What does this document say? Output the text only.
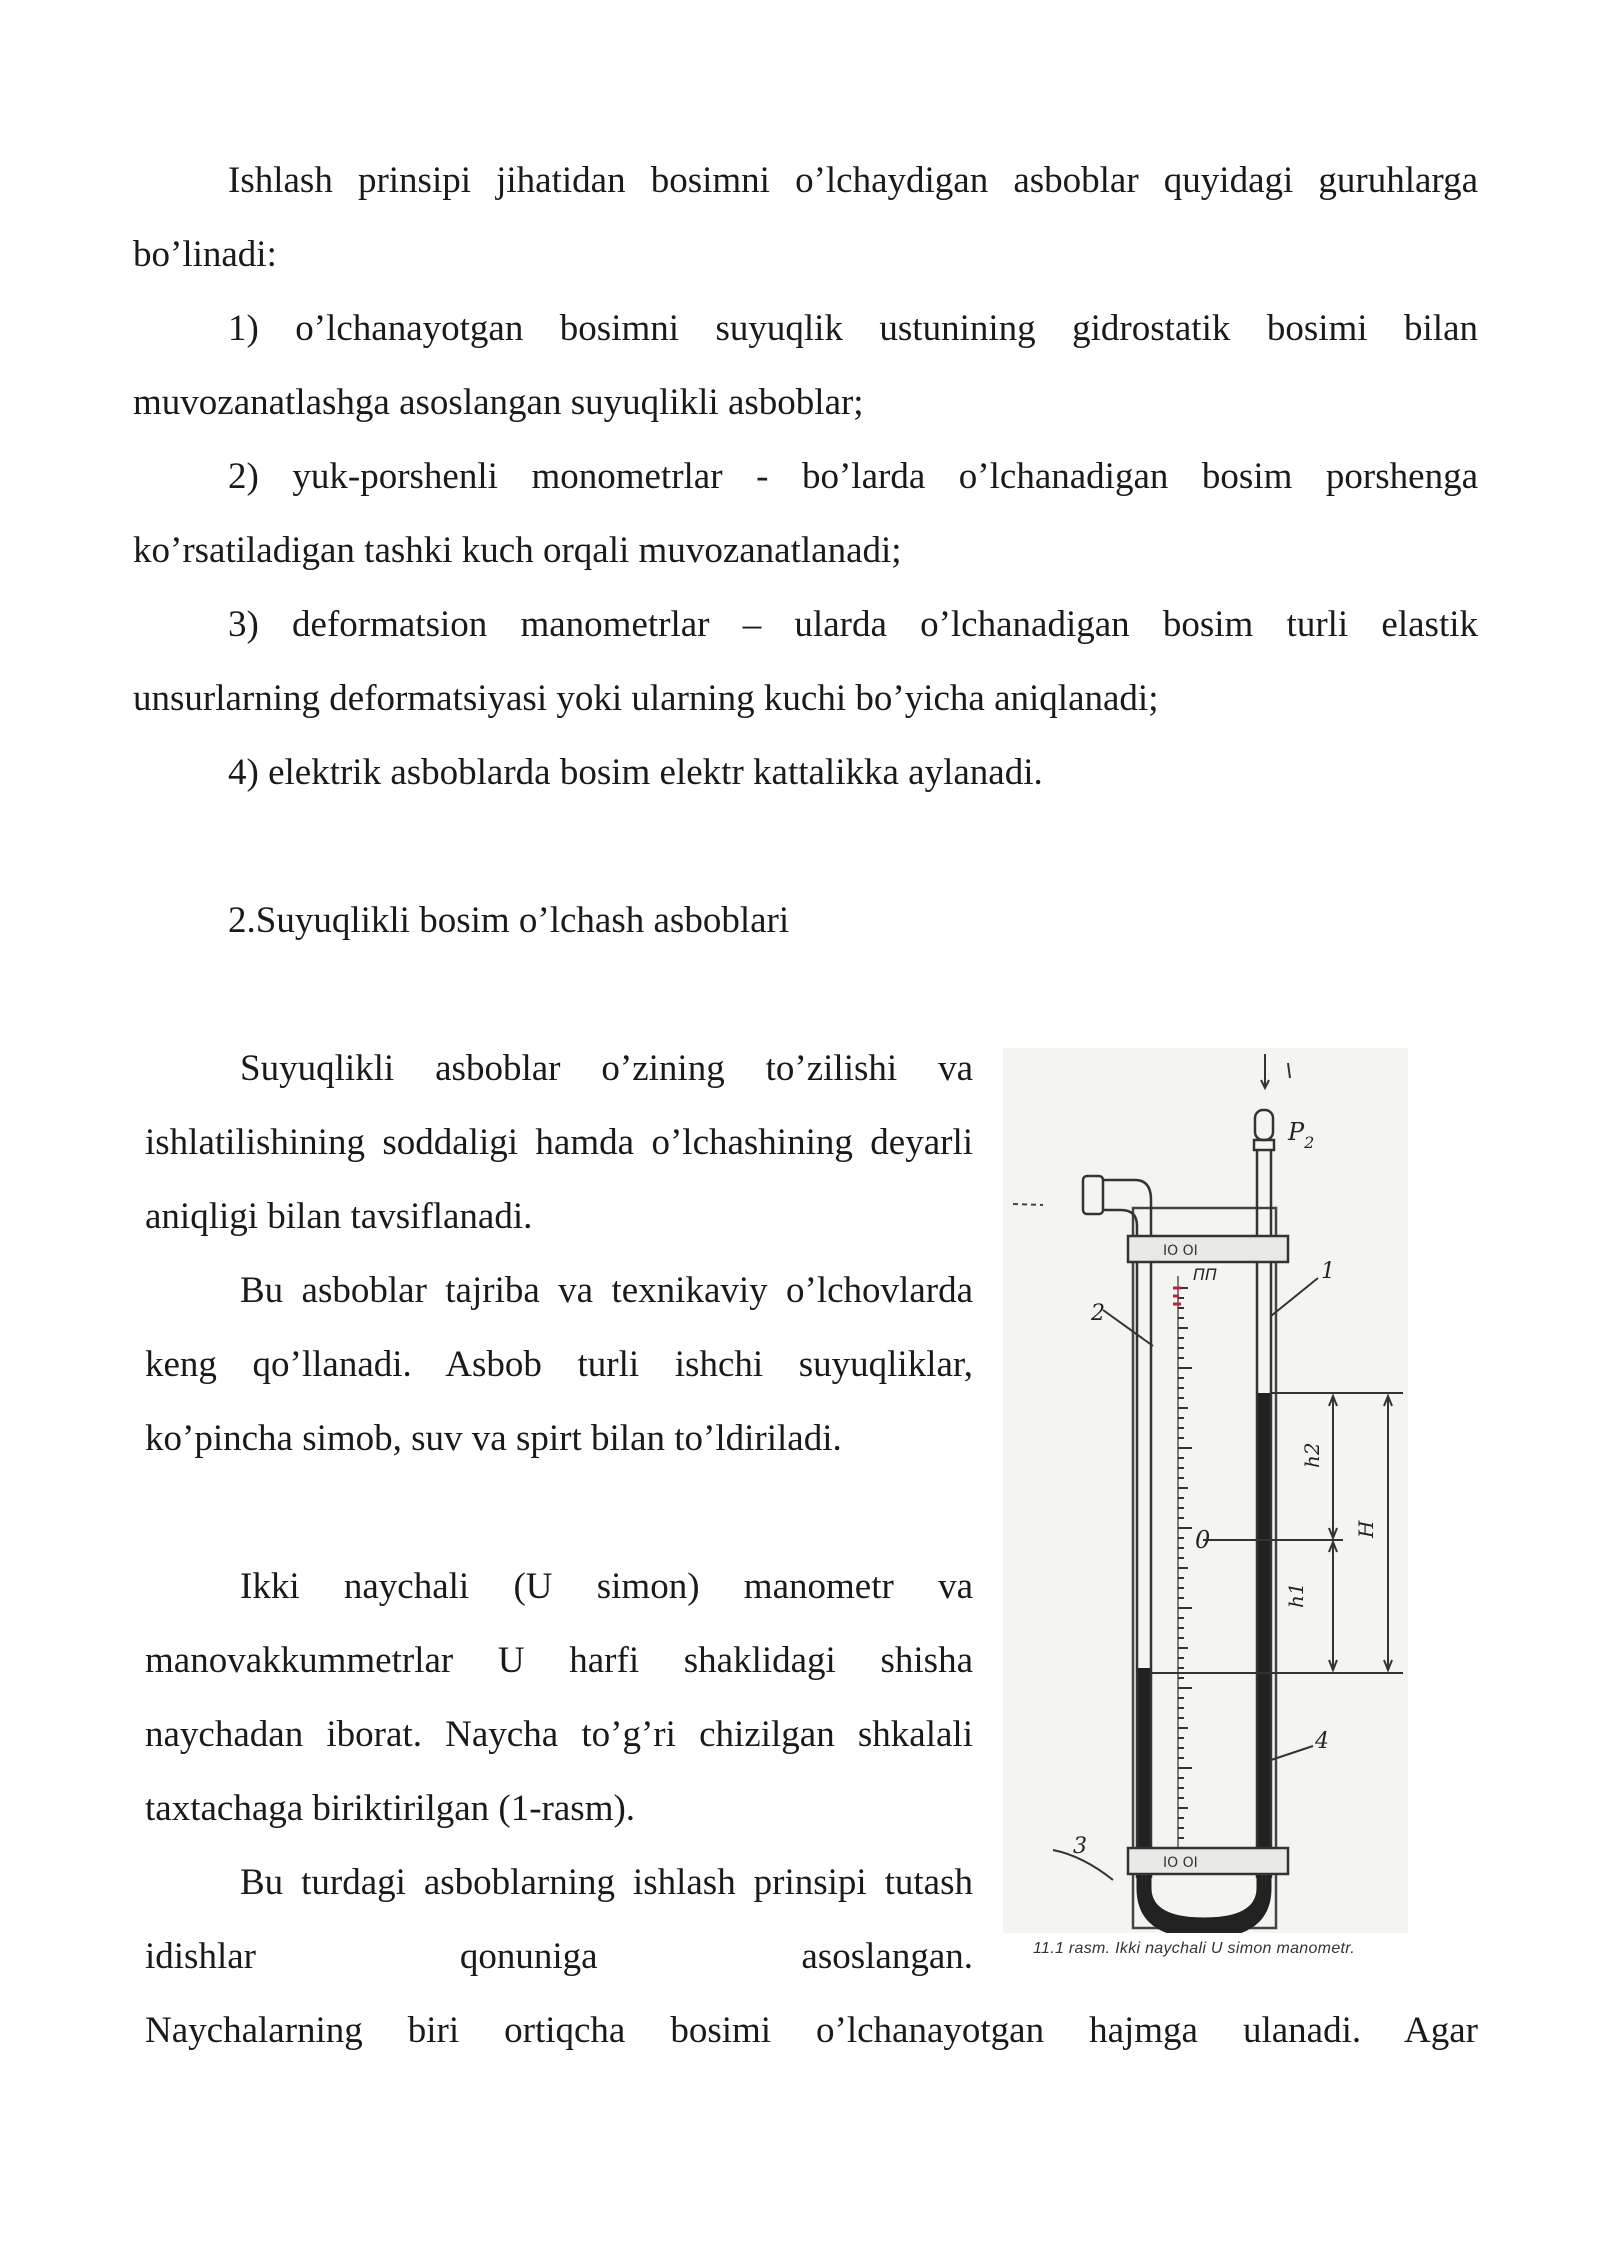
Ishlash prinsipi jihatidan bosimni o’lchaydigan asboblar quyidagi guruhlarga bo’linadi:

1) o’lchanayotgan bosimni suyuqlik ustunining gidrostatik bosimi bilan muvozanatlashga asoslangan suyuqlikli asboblar;

2) yuk-porshenli monometrlar - bo’larda o’lchanadigan bosim porshenga ko’rsatiladigan tashki kuch orqali muvozanatlanadi;

3) deformatsion manometrlar – ularda o’lchanadigan bosim turli elastik unsurlarning deformatsiyasi yoki ularning kuchi bo’yicha aniqlanadi;

4) elektrik asboblarda bosim elektr kattalikka aylanadi.

2.Suyuqlikli bosim o’lchash asboblari

Suyuqlikli asboblar o’zining to’zilishi va ishlatilishining soddaligi hamda o’lchashining deyarli aniqligi bilan tavsiflanadi.

Bu asboblar tajriba va texnikaviy o’lchovlarda keng qo’llanadi. Asbob turli ishchi suyuqliklar, ko’pincha simob, suv va spirt bilan to’ldiriladi.

Ikki naychali (U simon) manometr va manovakkummetrlar U harfi shaklidagi shisha naychadan iborat. Naycha to’g’ri chizilgan shkalali taxtachaga biriktirilgan (1-rasm).

Bu turdagi asboblarning ishlash prinsipi tutash idishlar qonuniga asoslangan.

Naychalarning biri ortiqcha bosimi o’lchanayotgan hajmga ulanadi. Agar

$P_2$
IO OI
ΠΠ
0
IO OI
h2
h1
H
1
2
3
4
11.1 rasm. Ikki naychali U simon manometr.
